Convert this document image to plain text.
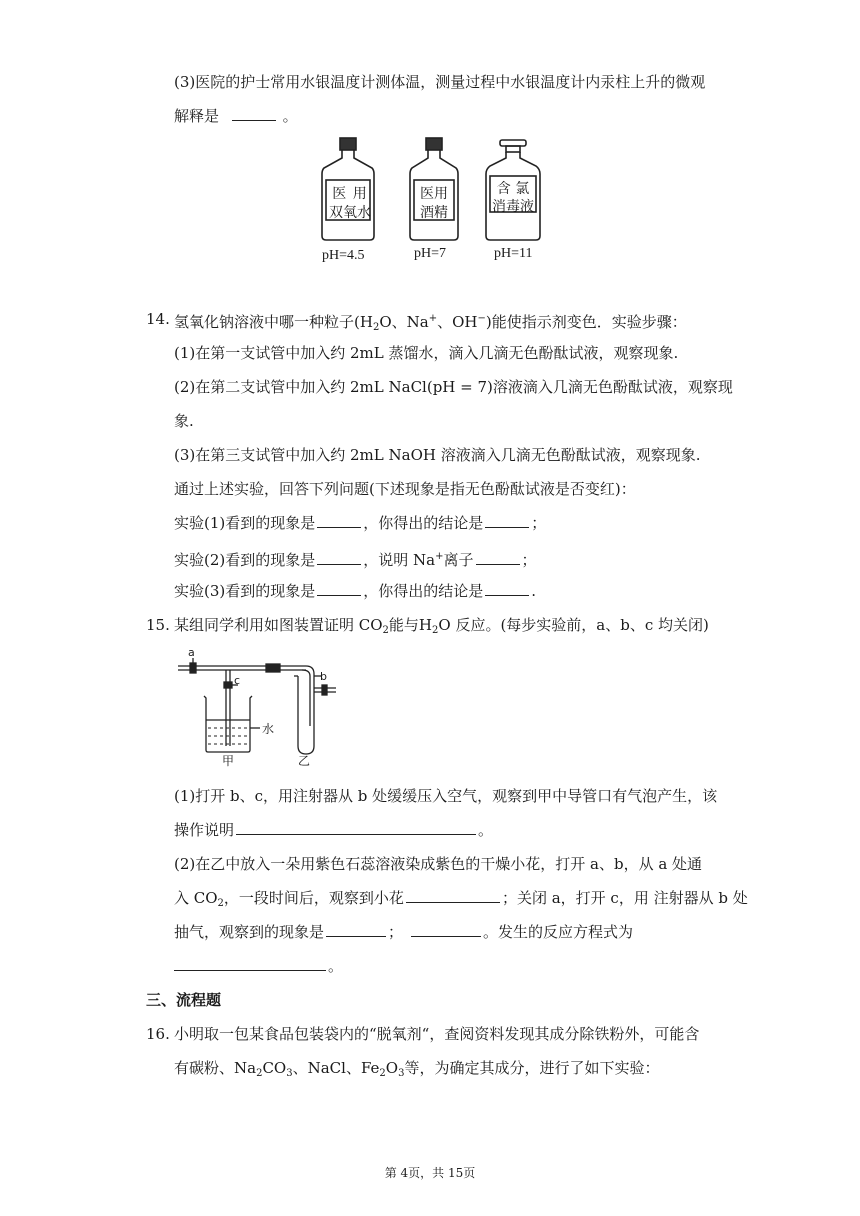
(3)医院的护士常用水银温度计测体温，测量过程中水银温度计内汞柱上升的微观
解释是	。
医 用
双氧水
医用
酒精
含 氯
消毒液
pH=4.5	pH=7	pH=11
14. 氢氧化钠溶液中哪一种粒子($H_2O$、Na+、OH−)能使指示剂变色．实验步骤：
(1)在第一支试管中加入约 2mL 蒸馏水，滴入几滴无色酚酞试液，观察现象.
(2)在第二支试管中加入约 2mL NaCl(pH = 7)溶液滴入几滴无色酚酞试液，观察现
象.
(3)在第三支试管中加入约 2mL NaOH 溶液滴入几滴无色酚酞试液，观察现象.
通过上述实验，回答下列问题(下述现象是指无色酚酞试液是否变红)：
实验(1)看到的现象是	，你得出的结论是	；
实验(2)看到的现象是	，说明 Na+离子	；
实验(3)看到的现象是	，你得出的结论是	.
15. 某组同学利用如图装置证明 $CO_2$能与$H_2O$ 反应。(每步实验前，a、b、c 均关闭)
a
c	b
水
甲	乙
(1)打开 b、c，用注射器从 b 处缓缓压入空气，观察到甲中导管口有气泡产生，该
操作说明	。
(2)在乙中放入一朵用紫色石蕊溶液染成紫色的干燥小花，打开 a、b，从 a 处通
入 $CO_2$，一段时间后，观察到小花	；关闭 a，打开 c，用 注射器从 b 处
抽气，观察到的现象是	；	。发生的反应方程式为
。
三、流程题
16. 小明取一包某食品包装袋内的“脱氧剂“，查阅资料发现其成分除铁粉外，可能含
有碳粉、$Na_2CO_3$、NaCl、$Fe_2O_3$等，为确定其成分，进行了如下实验：
第 4页，共 15页
